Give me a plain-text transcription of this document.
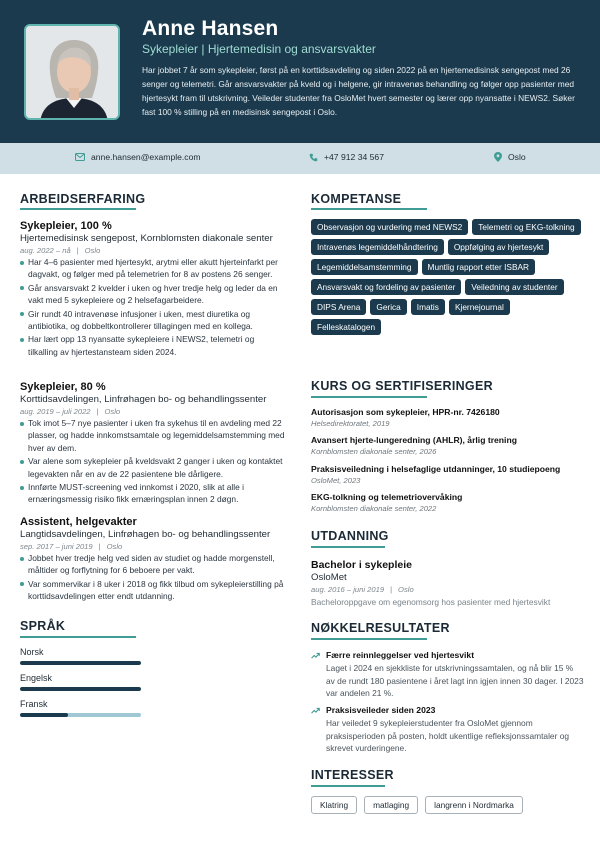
Anne Hansen
Sykepleier | Hjertemedisin og ansvarsvakter
Har jobbet 7 år som sykepleier, først på en korttidsavdeling og siden 2022 på en hjertemedisinsk sengepost med 26 senger og telemetri. Går ansvarsvakter på kveld og i helgene, gir intravenøs behandling og følger opp pasienter med hjertesykt fram til utskrivning. Veileder studenter fra OsloMet hvert semester og lærer opp nyansatte i NEWS2. Søker fast 100 % stilling på en medisinsk sengepost i Oslo.
anne.hansen@example.com	+47 912 34 567	Oslo
ARBEIDSERFARING
Sykepleier, 100 %
Hjertemedisinsk sengepost, Kornblomsten diakonale senter
aug. 2022 – nå | Oslo
Har 4–6 pasienter med hjertesykt, arytmi eller akutt hjerteinfarkt per dagvakt, og følger med på telemetrien for 8 av postens 26 senger.
Går ansvarsvakt 2 kvelder i uken og hver tredje helg og leder da en vakt med 5 sykepleiere og 2 helsefagarbeidere.
Gir rundt 40 intravenøse infusjoner i uken, mest diuretika og antibiotika, og dobbeltkontrollerer tillagingen med en kollega.
Har lært opp 13 nyansatte sykepleiere i NEWS2, telemetri og tilkalling av hjertestansteam siden 2024.
Sykepleier, 80 %
Korttidsavdelingen, Linfrøhagen bo- og behandlingssenter
aug. 2019 – juli 2022 | Oslo
Tok imot 5–7 nye pasienter i uken fra sykehus til en avdeling med 22 plasser, og hadde innkomstsamtale og legemiddelsamstemming med hver av dem.
Var alene som sykepleier på kveldsvakt 2 ganger i uken og kontaktet legevakten når en av de 22 pasientene ble dårligere.
Innførte MUST-screening ved innkomst i 2020, slik at alle i ernæringsmessig risiko fikk ernæringsplan innen 2 døgn.
Assistent, helgevakter
Langtidsavdelingen, Linfrøhagen bo- og behandlingssenter
sep. 2017 – juni 2019 | Oslo
Jobbet hver tredje helg ved siden av studiet og hadde morgenstell, måltider og forflytning for 6 beboere per vakt.
Var sommervikar i 8 uker i 2018 og fikk tilbud om sykepleierstilling på korttidsavdelingen etter endt utdanning.
SPRÅK
Norsk
Engelsk
Fransk
KOMPETANSE
Observasjon og vurdering med NEWS2	Telemetri og EKG-tolkning
Intravenøs legemiddelhåndtering	Oppfølging av hjertesykt
Legemiddelsamstemming	Muntlig rapport etter ISBAR
Ansvarsvakt og fordeling av pasienter	Veiledning av studenter
DIPS Arena	Gerica	Imatis	Kjernejournal
Felleskatalogen
KURS OG SERTIFISERINGER
Autorisasjon som sykepleier, HPR-nr. 7426180
Helsedirektoratet, 2019
Avansert hjerte-lungeredning (AHLR), årlig trening
Kornblomsten diakonale senter, 2026
Praksisveiledning i helsefaglige utdanninger, 10 studiepoeng
OsloMet, 2023
EKG-tolkning og telemetriovervåking
Kornblomsten diakonale senter, 2022
UTDANNING
Bachelor i sykepleie
OsloMet
aug. 2016 – juni 2019 | Oslo
Bacheloroppgave om egenomsorg hos pasienter med hjertesvikt
NØKKELRESULTATER
Færre reinnleggelser ved hjertesvikt
Laget i 2024 en sjekkliste for utskrivningssamtalen, og nå blir 15 % av de rundt 180 pasientene i året lagt inn igjen innen 30 dager. I 2023 var andelen 21 %.
Praksisveileder siden 2023
Har veiledet 9 sykepleierstudenter fra OsloMet gjennom praksisperioden på posten, holdt ukentlige refleksjonssamtaler og skrevet vurderingene.
INTERESSER
Klatring	matlaging	langrenn i Nordmarka
